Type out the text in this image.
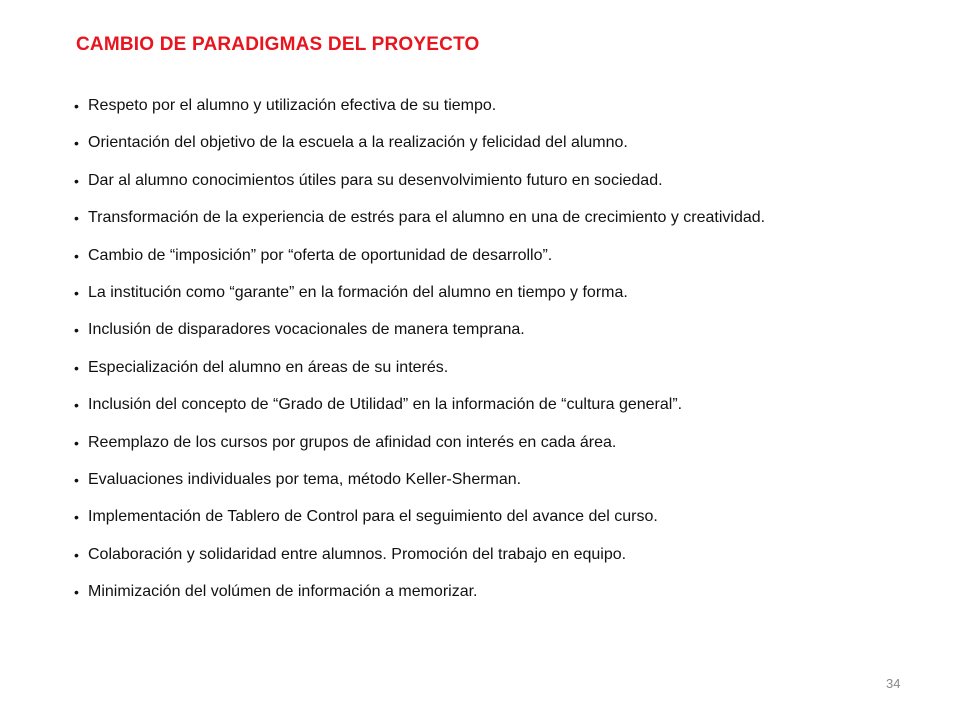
CAMBIO DE PARADIGMAS DEL PROYECTO
• Respeto por el alumno y utilización efectiva de su tiempo.
• Orientación del objetivo de la escuela a la realización y felicidad del alumno.
• Dar al alumno conocimientos útiles para su desenvolvimiento futuro en sociedad.
• Transformación de la experiencia de estrés para el alumno en una de crecimiento y creatividad.
• Cambio de “imposición” por “oferta de oportunidad de desarrollo”.
• La institución como “garante” en la formación del alumno en tiempo y forma.
• Inclusión de disparadores vocacionales de manera temprana.
• Especialización del alumno en áreas de su interés.
• Inclusión del concepto de “Grado de Utilidad” en la información de “cultura general”.
• Reemplazo de los cursos por grupos de afinidad con interés en cada área.
• Evaluaciones individuales por tema, método Keller-Sherman.
• Implementación de Tablero de Control para el seguimiento del avance del curso.
• Colaboración y solidaridad entre alumnos. Promoción del trabajo en equipo.
• Minimización del volúmen de información a memorizar.
34
